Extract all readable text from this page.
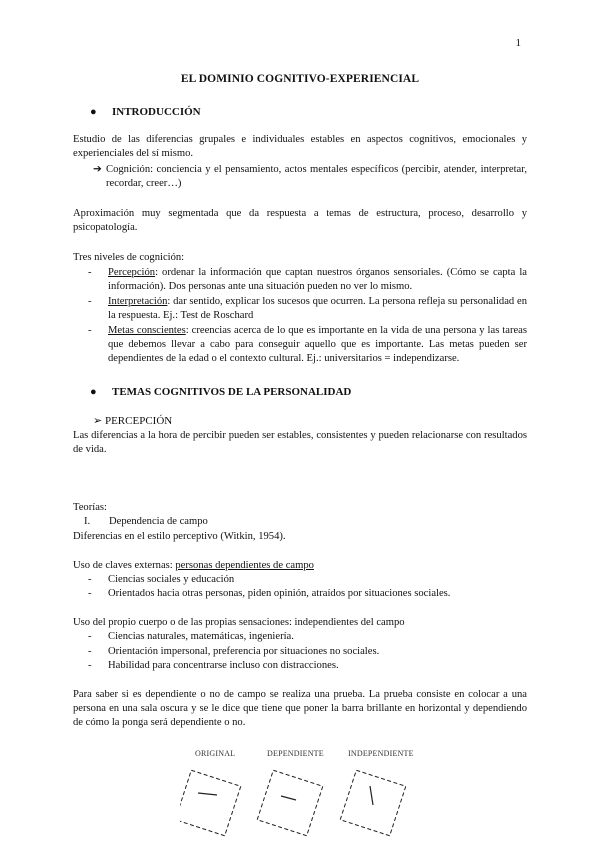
1
EL DOMINIO COGNITIVO-EXPERIENCIAL
● INTRODUCCIÓN
Estudio de las diferencias grupales e individuales estables en aspectos cognitivos, emocionales y experienciales del sí mismo.
➔ Cognición: conciencia y el pensamiento, actos mentales específicos (percibir, atender, interpretar, recordar, creer…)
Aproximación muy segmentada que da respuesta a temas de estructura, proceso, desarrollo y psicopatología.
Tres niveles de cognición:
- Percepción: ordenar la información que captan nuestros órganos sensoriales. (Cómo se capta la información). Dos personas ante una situación pueden no ver lo mismo.
- Interpretación: dar sentido, explicar los sucesos que ocurren. La persona refleja su personalidad en la respuesta. Ej.: Test de Roschard
- Metas conscientes: creencias acerca de lo que es importante en la vida de una persona y las tareas que debemos llevar a cabo para conseguir aquello que es importante. Las metas pueden ser dependientes de la edad o el contexto cultural. Ej.: universitarios = independizarse.
● TEMAS COGNITIVOS DE LA PERSONALIDAD
➢ PERCEPCIÓN
Las diferencias a la hora de percibir pueden ser estables, consistentes y pueden relacionarse con resultados de vida.
Teorías:
I. Dependencia de campo
Diferencias en el estilo perceptivo (Witkin, 1954).
Uso de claves externas: personas dependientes de campo
- Ciencias sociales y educación
- Orientados hacia otras personas, piden opinión, atraídos por situaciones sociales.
Uso del propio cuerpo o de las propias sensaciones: independientes del campo
- Ciencias naturales, matemáticas, ingeniería.
- Orientación impersonal, preferencia por situaciones no sociales.
- Habilidad para concentrarse incluso con distracciones.
Para saber si es dependiente o no de campo se realiza una prueba. La prueba consiste en colocar a una persona en una sala oscura y se le dice que tiene que poner la barra brillante en horizontal y dependiendo de cómo la ponga será dependiente o no.
ORIGINAL	DEPENDIENTE	INDEPENDIENTE
